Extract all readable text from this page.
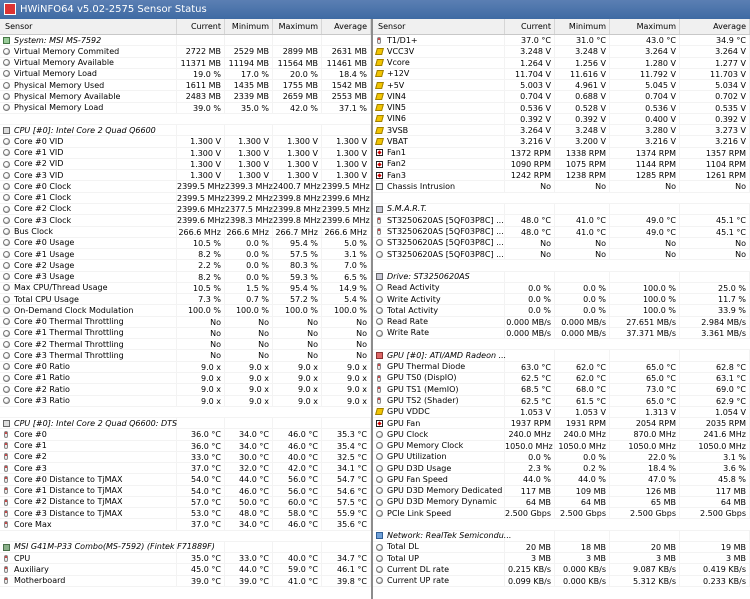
HWiNFO64 v5.02-2575 Sensor Status
Sensor	Current	Minimum	Maximum	Average
System: MSI MS-7592
Virtual Memory Commited	2722 MB	2529 MB	2899 MB	2631 MB
Virtual Memory Available	11371 MB 11194 MB	11564 MB	11461 MB
Virtual Memory Load	19.0 %	17.0 %	20.0 %	18.4 %
Physical Memory Used	1611 MB	1435 MB	1755 MB	1542 MB
Physical Memory Available	2483 MB	2339 MB	2659 MB	2553 MB
Physical Memory Load	39.0 %	35.0 %	42.0 %	37.1 %
CPU [#0]: Intel Core 2 Quad Q6600
Core #0 VID	1.300 V	1.300 V	1.300 V	1.300 V
Core #1 VID	1.300 V	1.300 V	1.300 V	1.300 V
Core #2 VID	1.300 V	1.300 V	1.300 V	1.300 V
Core #3 VID	1.300 V	1.300 V	1.300 V	1.300 V
Core #0 Clock	2399.5 MHz 2399.3 MHz 2400.7 MHz 2399.5 MHz
Core #1 Clock	2399.5 MHz 2399.2 MHz 2399.8 MHz 2399.6 MHz
Core #2 Clock	2399.6 MHz 2377.5 MHz 2399.8 MHz 2399.5 MHz
Core #3 Clock	2399.6 MHz 2398.3 MHz 2399.8 MHz 2399.6 MHz
Bus Clock	266.6 MHz 266.6 MHz 266.7 MHz 266.6 MHz
Core #0 Usage	10.5 %	0.0 %	95.4 %	5.0 %
Core #1 Usage	8.2 %	0.0 %	57.5 %	3.1 %
Core #2 Usage	2.2 %	0.0 %	80.3 %	7.0 %
Core #3 Usage	8.2 %	0.0 %	59.3 %	6.5 %
Max CPU/Thread Usage	10.5 %	1.5 %	95.4 %	14.9 %
Total CPU Usage	7.3 %	0.7 %	57.2 %	5.4 %
On-Demand Clock Modulation	100.0 %	100.0 %	100.0 %	100.0 %
Core #0 Thermal Throttling	No	No	No	No
Core #1 Thermal Throttling	No	No	No	No
Core #2 Thermal Throttling	No	No	No	No
Core #3 Thermal Throttling	No	No	No	No
Core #0 Ratio	9.0 x	9.0 x	9.0 x	9.0 x
Core #1 Ratio	9.0 x	9.0 x	9.0 x	9.0 x
Core #2 Ratio	9.0 x	9.0 x	9.0 x	9.0 x
Core #3 Ratio	9.0 x	9.0 x	9.0 x	9.0 x
CPU [#0]: Intel Core 2 Quad Q6600: DTS
Core #0	36.0 °C	34.0 °C	46.0 °C	35.3 °C
Core #1	36.0 °C	34.0 °C	46.0 °C	35.4 °C
Core #2	33.0 °C	30.0 °C	40.0 °C	32.5 °C
Core #3	37.0 °C	32.0 °C	42.0 °C	34.1 °C
Core #0 Distance to TjMAX	54.0 °C	44.0 °C	56.0 °C	54.7 °C
Core #1 Distance to TjMAX	54.0 °C	46.0 °C	56.0 °C	54.6 °C
Core #2 Distance to TjMAX	57.0 °C	50.0 °C	60.0 °C	57.5 °C
Core #3 Distance to TjMAX	53.0 °C	48.0 °C	58.0 °C	55.9 °C
Core Max	37.0 °C	34.0 °C	46.0 °C	35.6 °C
MSI G41M-P33 Combo(MS-7592) (Fintek F71889F)
CPU	35.0 °C	33.0 °C	40.0 °C	34.7 °C
Auxiliary	45.0 °C	44.0 °C	59.0 °C	46.1 °C
Motherboard	39.0 °C	39.0 °C	41.0 °C	39.8 °C
Sensor	Current	Minimum	Maximum	Average
T1/D1+	37.0 °C	31.0 °C	43.0 °C	34.9 °C
VCC3V	3.248 V	3.248 V	3.264 V	3.264 V
Vcore	1.264 V	1.256 V	1.280 V	1.277 V
+12V	11.704 V	11.616 V	11.792 V	11.703 V
+5V	5.003 V	4.961 V	5.045 V	5.034 V
VIN4	0.704 V	0.688 V	0.704 V	0.702 V
VIN5	0.536 V	0.528 V	0.536 V	0.535 V
VIN6	0.392 V	0.392 V	0.400 V	0.392 V
3VSB	3.264 V	3.248 V	3.280 V	3.273 V
VBAT	3.216 V	3.200 V	3.216 V	3.216 V
Fan1	1372 RPM	1338 RPM	1374 RPM	1357 RPM
Fan2	1090 RPM	1075 RPM	1144 RPM	1104 RPM
Fan3	1242 RPM	1238 RPM	1285 RPM	1261 RPM
Chassis Intrusion	No	No	No	No
S.M.A.R.T.
ST3250620AS [5QF03P8C] ...	48.0 °C	41.0 °C	49.0 °C	45.1 °C
ST3250620AS [5QF03P8C] ...	48.0 °C	41.0 °C	49.0 °C	45.1 °C
ST3250620AS [5QF03P8C] ...	No	No	No	No
ST3250620AS [5QF03P8C] ...	No	No	No	No
Drive: ST3250620AS
Read Activity	0.0 %	0.0 %	100.0 %	25.0 %
Write Activity	0.0 %	0.0 %	100.0 %	11.7 %
Total Activity	0.0 %	0.0 %	100.0 %	33.9 %
Read Rate	0.000 MB/s	0.000 MB/s	27.651 MB/s	2.984 MB/s
Write Rate	0.000 MB/s	0.000 MB/s	37.371 MB/s	3.361 MB/s
GPU [#0]: ATI/AMD Radeon ...
GPU Thermal Diode	63.0 °C	62.0 °C	65.0 °C	62.8 °C
GPU TS0 (DispIO)	62.5 °C	62.0 °C	65.0 °C	63.1 °C
GPU TS1 (MemIO)	68.5 °C	68.0 °C	73.0 °C	69.0 °C
GPU TS2 (Shader)	62.5 °C	61.5 °C	65.0 °C	62.9 °C
GPU VDDC	1.053 V	1.053 V	1.313 V	1.054 V
GPU Fan	1937 RPM	1931 RPM	2054 RPM	2035 RPM
GPU Clock	240.0 MHz	240.0 MHz	870.0 MHz	241.6 MHz
GPU Memory Clock	1050.0 MHz 1050.0 MHz	1050.0 MHz	1050.0 MHz
GPU Utilization	0.0 %	0.0 %	22.0 %	3.1 %
GPU D3D Usage	2.3 %	0.2 %	18.4 %	3.6 %
GPU Fan Speed	44.0 %	44.0 %	47.0 %	45.8 %
GPU D3D Memory Dedicated	117 MB	109 MB	126 MB	117 MB
GPU D3D Memory Dynamic	64 MB	64 MB	65 MB	64 MB
PCIe Link Speed	2.500 Gbps	2.500 Gbps	2.500 Gbps	2.500 Gbps
Network: RealTek Semicondu...
Total DL	20 MB	18 MB	20 MB	19 MB
Total UP	3 MB	3 MB	3 MB	3 MB
Current DL rate	0.215 KB/s	0.000 KB/s	9.087 KB/s	0.419 KB/s
Current UP rate	0.099 KB/s	0.000 KB/s	5.312 KB/s	0.233 KB/s
